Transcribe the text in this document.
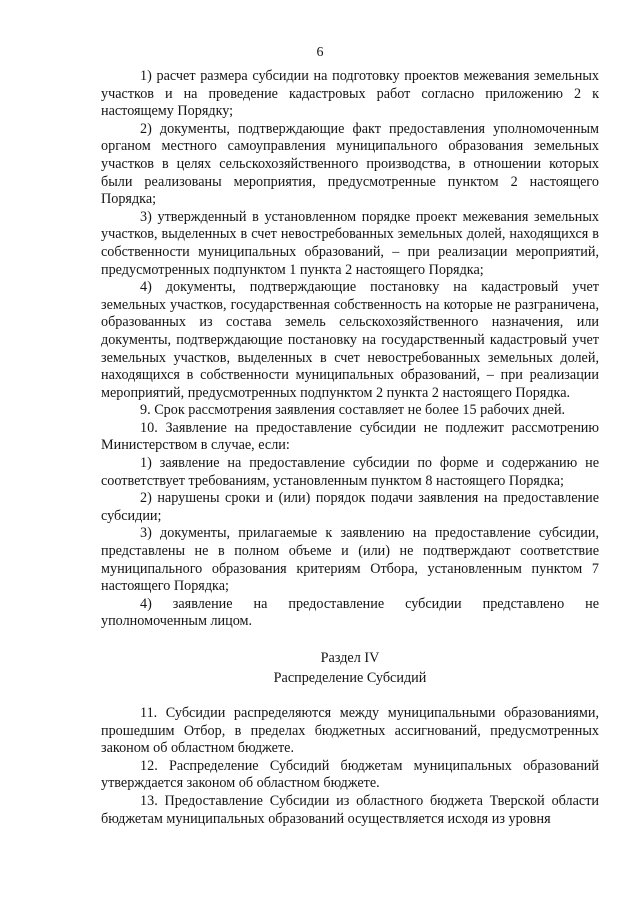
6

1) расчет размера субсидии на подготовку проектов межевания земельных участков и на проведение кадастровых работ согласно приложению 2 к настоящему Порядку;

2) документы, подтверждающие факт предоставления уполномоченным органом местного самоуправления муниципального образования земельных участков в целях сельскохозяйственного производства, в отношении которых были реализованы мероприятия, предусмотренные пунктом 2 настоящего Порядка;

3) утвержденный в установленном порядке проект межевания земельных участков, выделенных в счет невостребованных земельных долей, находящихся в собственности муниципальных образований, – при реализации мероприятий, предусмотренных подпунктом 1 пункта 2 настоящего Порядка;

4) документы, подтверждающие постановку на кадастровый учет земельных участков, государственная собственность на которые не разграничена, образованных из состава земель сельскохозяйственного назначения, или документы, подтверждающие постановку на государственный кадастровый учет земельных участков, выделенных в счет невостребованных земельных долей, находящихся в собственности муниципальных образований, – при реализации мероприятий, предусмотренных подпунктом 2 пункта 2 настоящего Порядка.

9. Срок рассмотрения заявления составляет не более 15 рабочих дней.

10. Заявление на предоставление субсидии не подлежит рассмотрению Министерством в случае, если:

1) заявление на предоставление субсидии по форме и содержанию не соответствует требованиям, установленным пунктом 8 настоящего Порядка;

2) нарушены сроки и (или) порядок подачи заявления на предоставление субсидии;

3) документы, прилагаемые к заявлению на предоставление субсидии, представлены не в полном объеме и (или) не подтверждают соответствие муниципального образования критериям Отбора, установленным пунктом 7 настоящего Порядка;

4) заявление на предоставление субсидии представлено не уполномоченным лицом.

Раздел IV
Распределение Субсидий

11. Субсидии распределяются между муниципальными образованиями, прошедшим Отбор, в пределах бюджетных ассигнований, предусмотренных законом об областном бюджете.

12. Распределение Субсидий бюджетам муниципальных образований утверждается законом об областном бюджете.

13. Предоставление Субсидии из областного бюджета Тверской области бюджетам муниципальных образований осуществляется исходя из уровня
